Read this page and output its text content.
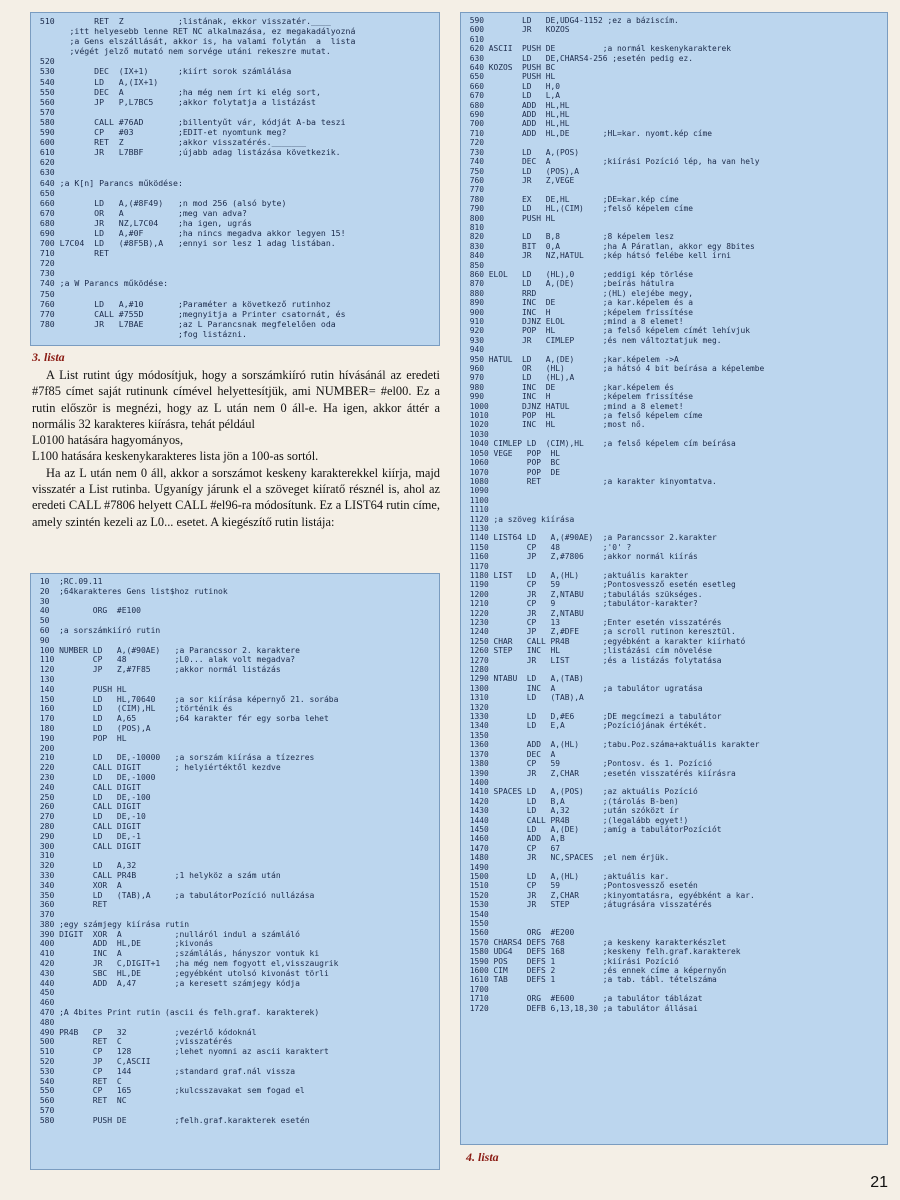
510        RET  Z           ;listának, ekkor visszatér.____
;itt helyesebb lenne RET NC alkalmazása, ez megakadályozná
;a Gens elszállását, akkor is, ha valami folytán  a  lista
;végét jelző mutató nem sorvége utáni rekeszre mutat.
520
530        DEC  (IX+1)      ;kiírt sorok számlálása
540        LD   A,(IX+1)
550        DEC  A           ;ha még nem írt ki elég sort,
560        JP   P,L7BC5     ;akkor folytatja a listázást
570
580        CALL #76AD       ;billentyűt vár, kódját A-ba teszi
590        CP   #03         ;EDIT-et nyomtunk meg?
600        RET  Z           ;akkor visszatérés._______
610        JR   L7BBF       ;újabb adag listázása következik.
620
630
640 ;a K[n] Parancs működése:
650
660        LD   A,(#8F49)   ;n mod 256 (alsó byte)
670        OR   A           ;meg van adva?
680        JR   NZ,L7C04    ;ha igen, ugrás
690        LD   A,#0F       ;ha nincs megadva akkor legyen 15!
700 L7C04  LD   (#8F5B),A   ;ennyi sor lesz 1 adag listában.
710        RET
720
730
740 ;a W Parancs működése:
750
760        LD   A,#10       ;Paraméter a következő rutinhoz
770        CALL #755D       ;megnyitja a Printer csatornát, és
780        JR   L7BAE       ;az L Parancsnak megfelelően oda
;fog listázni.
3. lista

A List rutint úgy módosítjuk, hogy a sorszámkiíró rutin hívásánál az eredeti #7f85 címet saját rutinunk címével helyettesítjük, ami NUMBER= #el00. Ez a rutin először is megnézi, hogy az L után nem 0 áll-e. Ha igen, akkor áttér a normális 32 karakteres kiírásra, tehát például

L0100 hatására hagyományos,

L100 hatására keskenykarakteres lista jön a 100-as sortól.

Ha az L után nem 0 áll, akkor a sorszámot keskeny karakterekkel kiírja, majd visszatér a List rutinba. Ugyanígy járunk el a szöveget kiíratő résznél is, ahol az eredeti CALL #7806 helyett CALL #el96-ra módosítunk. Ez a LIST64 rutin címe, amely szintén kezeli az L0... esetet. A kiegészítő rutin listája:

10  ;RC.09.11
20  ;64karakteres Gens list$hoz rutinok
30
40         ORG  #E100
50
60  ;a sorszámkiíró rutin
90
100 NUMBER LD   A,(#90AE)   ;a Parancssor 2. karaktere
110        CP   48          ;L0... alak volt megadva?
120        JP   Z,#7F85     ;akkor normál listázás
130
140        PUSH HL
150        LD   HL,70640    ;a sor kiírása képernyő 21. sorába
160        LD   (CIM),HL    ;történik és
170        LD   A,65        ;64 karakter fér egy sorba lehet
180        LD   (POS),A
190        POP  HL
200
210        LD   DE,-10000   ;a sorszám kiírása a tízezres
220        CALL DIGIT       ; helyiértéktől kezdve
230        LD   DE,-1000
240        CALL DIGIT
250        LD   DE,-100
260        CALL DIGIT
270        LD   DE,-10
280        CALL DIGIT
290        LD   DE,-1
300        CALL DIGIT
310
320        LD   A,32
330        CALL PR4B        ;1 helyköz a szám után
340        XOR  A
350        LD   (TAB),A     ;a tabulátorPozíció nullázása
360        RET
370
380 ;egy számjegy kiírása rutin
390 DIGIT  XOR  A           ;nulláról indul a számláló
400        ADD  HL,DE       ;kivonás
410        INC  A           ;számlálás, hányszor vontuk ki
420        JR   C,DIGIT+1   ;ha még nem fogyott el,visszaugrik
430        SBC  HL,DE       ;egyébként utolsó kivonást törli
440        ADD  A,47        ;a keresett számjegy kódja
450
460
470 ;A 4bites Print rutin (ascii és felh.graf. karakterek)
480
490 PR4B   CP   32          ;vezérlő kódoknál
500        RET  C           ;visszatérés
510        CP   128         ;lehet nyomni az ascii karaktert
520        JP   C,ASCII
530        CP   144         ;standard graf.nál vissza
540        RET  C
550        CP   165         ;kulcsszavakat sem fogad el
560        RET  NC
570
580        PUSH DE          ;felh.graf.karakterek esetén
590        LD   DE,UDG4-1152 ;ez a báziscím.
600        JR   KOZOS
610
620 ASCII  PUSH DE          ;a normál keskenykarakterek
630        LD   DE,CHARS4-256 ;esetén pedig ez.
640 KOZOS  PUSH BC
650        PUSH HL
660        LD   H,0
670        LD   L,A
680        ADD  HL,HL
690        ADD  HL,HL
700        ADD  HL,HL
710        ADD  HL,DE       ;HL=kar. nyomt.kép címe
720
730        LD   A,(POS)
740        DEC  A           ;kiírási Pozíció lép, ha van hely
750        LD   (POS),A
760        JR   Z,VEGE
770
780        EX   DE,HL       ;DE=kar.kép címe
790        LD   HL,(CIM)    ;felső képelem címe
800        PUSH HL
810
820        LD   B,8         ;8 képelem lesz
830        BIT  0,A         ;ha A Páratlan, akkor egy 8bites
840        JR   NZ,HATUL    ;kép hátsó felébe kell írni
850
860 ELOL   LD   (HL),0      ;eddigi kép törlése
870        LD   A,(DE)      ;beírás hátulra
880        RRD              ;(HL) elejébe megy,
890        INC  DE          ;a kar.képelem és a
900        INC  H           ;képelem frissítése
910        DJNZ ELOL        ;mind a 8 elemet!
920        POP  HL          ;a felső képelem címét lehívjuk
930        JR   CIMLEP      ;és nem változtatjuk meg.
940
950 HATUL  LD   A,(DE)      ;kar.képelem ->A
960        OR   (HL)        ;a hátsó 4 bit beírása a képelembe
970        LD   (HL),A
980        INC  DE          ;kar.képelem és
990        INC  H           ;képelem frissítése
1000       DJNZ HATUL       ;mind a 8 elemet!
1010       POP  HL          ;a felső képelem címe
1020       INC  HL          ;most nő.
1030
1040 CIMLEP LD  (CIM),HL    ;a felső képelem cím beírása
1050 VEGE   POP  HL
1060        POP  BC
1070        POP  DE
1080        RET             ;a karakter kinyomtatva.
1090
1100
1110
1120 ;a szöveg kiírása
1130
1140 LIST64 LD   A,(#90AE)  ;a Parancssor 2.karakter
1150        CP   48         ;'0' ?
1160        JP   Z,#7806    ;akkor normál kiírás
1170
1180 LIST   LD   A,(HL)     ;aktuális karakter
1190        CP   59         ;Pontosvessző esetén esetleg
1200        JR   Z,NTABU    ;tabulálás szükséges.
1210        CP   9          ;tabulátor-karakter?
1220        JR   Z,NTABU
1230        CP   13         ;Enter esetén visszatérés
1240        JP   Z,#DFE     ;a scroll rutinon keresztül.
1250 CHAR   CALL PR4B       ;egyébként a karakter kiírható
1260 STEP   INC  HL         ;listázási cím növelése
1270        JR   LIST       ;és a listázás folytatása
1280
1290 NTABU  LD   A,(TAB)
1300        INC  A          ;a tabulátor ugratása
1310        LD   (TAB),A
1320
1330        LD   D,#E6      ;DE megcímezi a tabulátor
1340        LD   E,A        ;Pozíciójának értékét.
1350
1360        ADD  A,(HL)     ;tabu.Poz.száma+aktuális karakter
1370        DEC  A
1380        CP   59         ;Pontosv. és 1. Pozíció
1390        JR   Z,CHAR     ;esetén visszatérés kiírásra
1400
1410 SPACES LD   A,(POS)    ;az aktuális Pozíció
1420        LD   B,A        ;(tárolás B-ben)
1430        LD   A,32       ;után szóközt ír
1440        CALL PR4B       ;(legalább egyet!)
1450        LD   A,(DE)     ;amíg a tabulátorPozíciót
1460        ADD  A,B
1470        CP   67
1480        JR   NC,SPACES  ;el nem érjük.
1490
1500        LD   A,(HL)     ;aktuális kar.
1510        CP   59         ;Pontosvessző esetén
1520        JR   Z,CHAR     ;kinyomtatásra, egyébként a kar.
1530        JR   STEP       ;átugrására visszatérés
1540
1550
1560        ORG  #E200
1570 CHARS4 DEFS 768        ;a keskeny karakterkészlet
1580 UDG4   DEFS 168        ;keskeny felh.graf.karakterek
1590 POS    DEFS 1          ;kiírási Pozíció
1600 CIM    DEFS 2          ;és ennek címe a képernyőn
1610 TAB    DEFS 1          ;a tab. tábl. tételszáma
1700
1710        ORG  #E600      ;a tabulátor táblázat
1720        DEFB 6,13,18,30 ;a tabulátor állásai
4. lista
21
